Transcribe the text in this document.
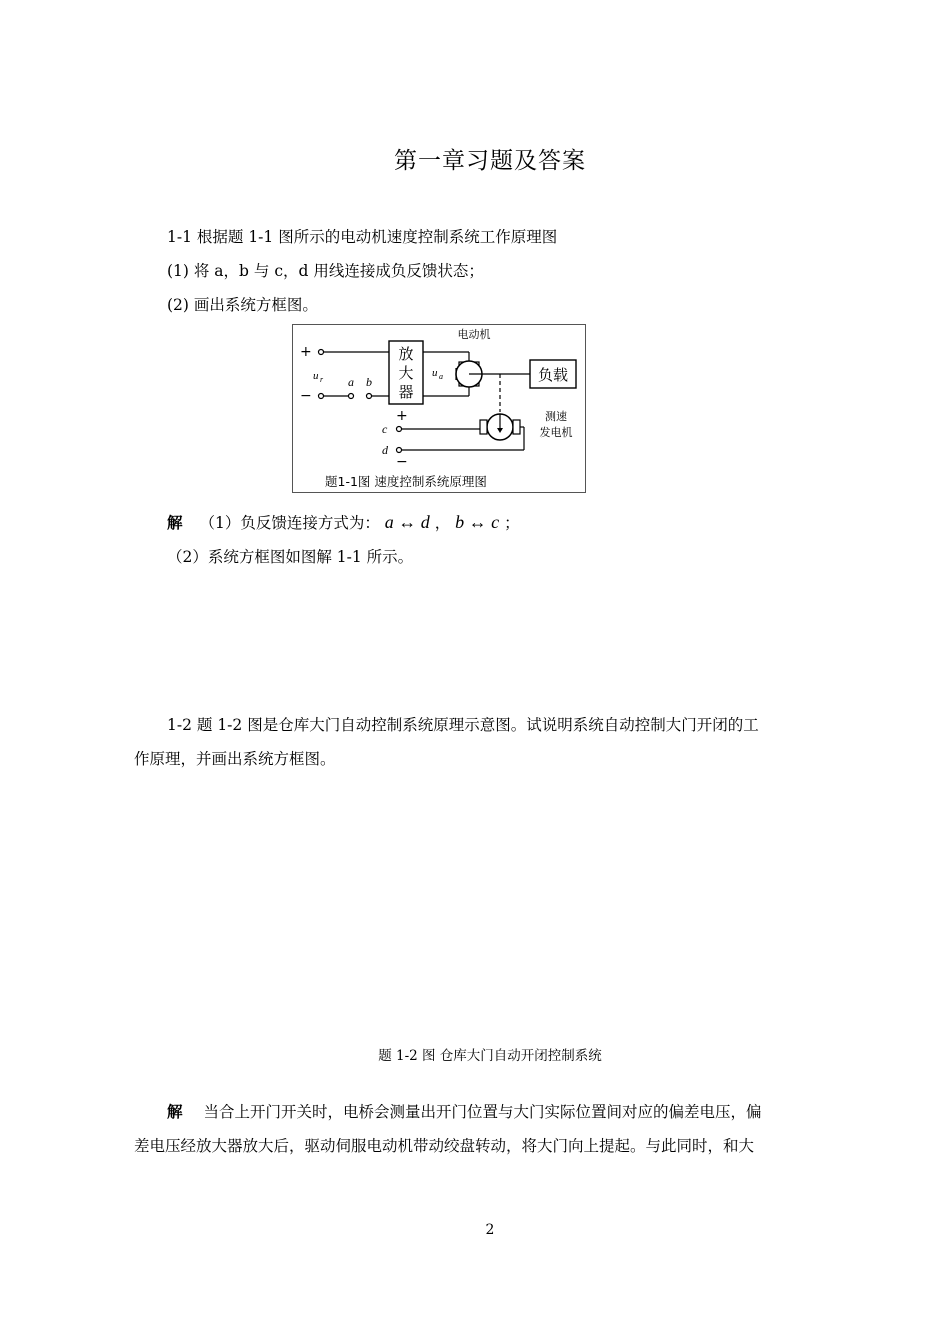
第一章习题及答案
1-1 根据题 1-1 图所示的电动机速度控制系统工作原理图
(1) 将 a，b 与 c，d 用线连接成负反馈状态；
(2) 画出系统方框图。
+
u r
−
a b
放
大
器
u a
电动机
负载
测速
发电机
+
c
d
−
题1-1图 速度控制系统原理图
解 （1）负反馈连接方式为： a ↔ d ， b ↔ c ；
（2）系统方框图如图解 1-1 所示。
1-2 题 1-2 图是仓库大门自动控制系统原理示意图。试说明系统自动控制大门开闭的工
作原理，并画出系统方框图。
题 1-2 图 仓库大门自动开闭控制系统
解 当合上开门开关时，电桥会测量出开门位置与大门实际位置间对应的偏差电压，偏
差电压经放大器放大后，驱动伺服电动机带动绞盘转动，将大门向上提起。与此同时，和大
2
